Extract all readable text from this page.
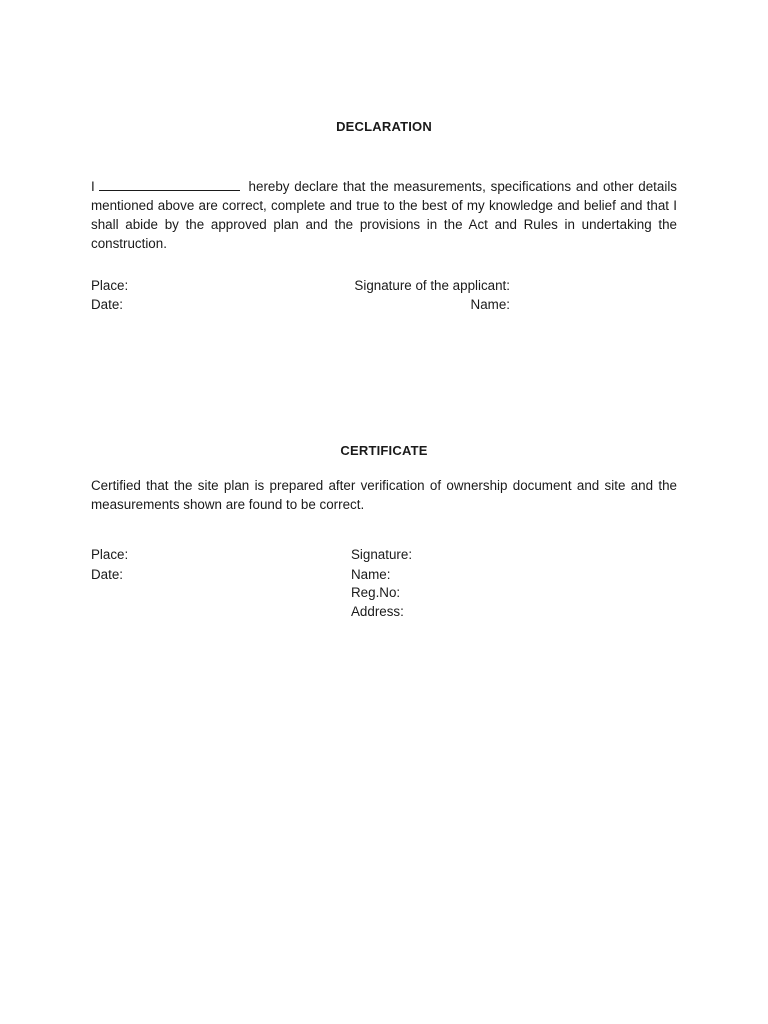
DECLARATION
I	hereby declare that the measurements, specifications and other details mentioned above are correct, complete and true to the best of my knowledge and belief and that I shall abide by the approved plan and the provisions in the Act and Rules in undertaking the construction.
Place:
Date:
Signature of the applicant:
Name:
CERTIFICATE
Certified that the site plan is prepared after verification of ownership document and site and the measurements shown are found to be correct.
Place:
Date:
Signature:
Name:
Reg.No:
Address:
